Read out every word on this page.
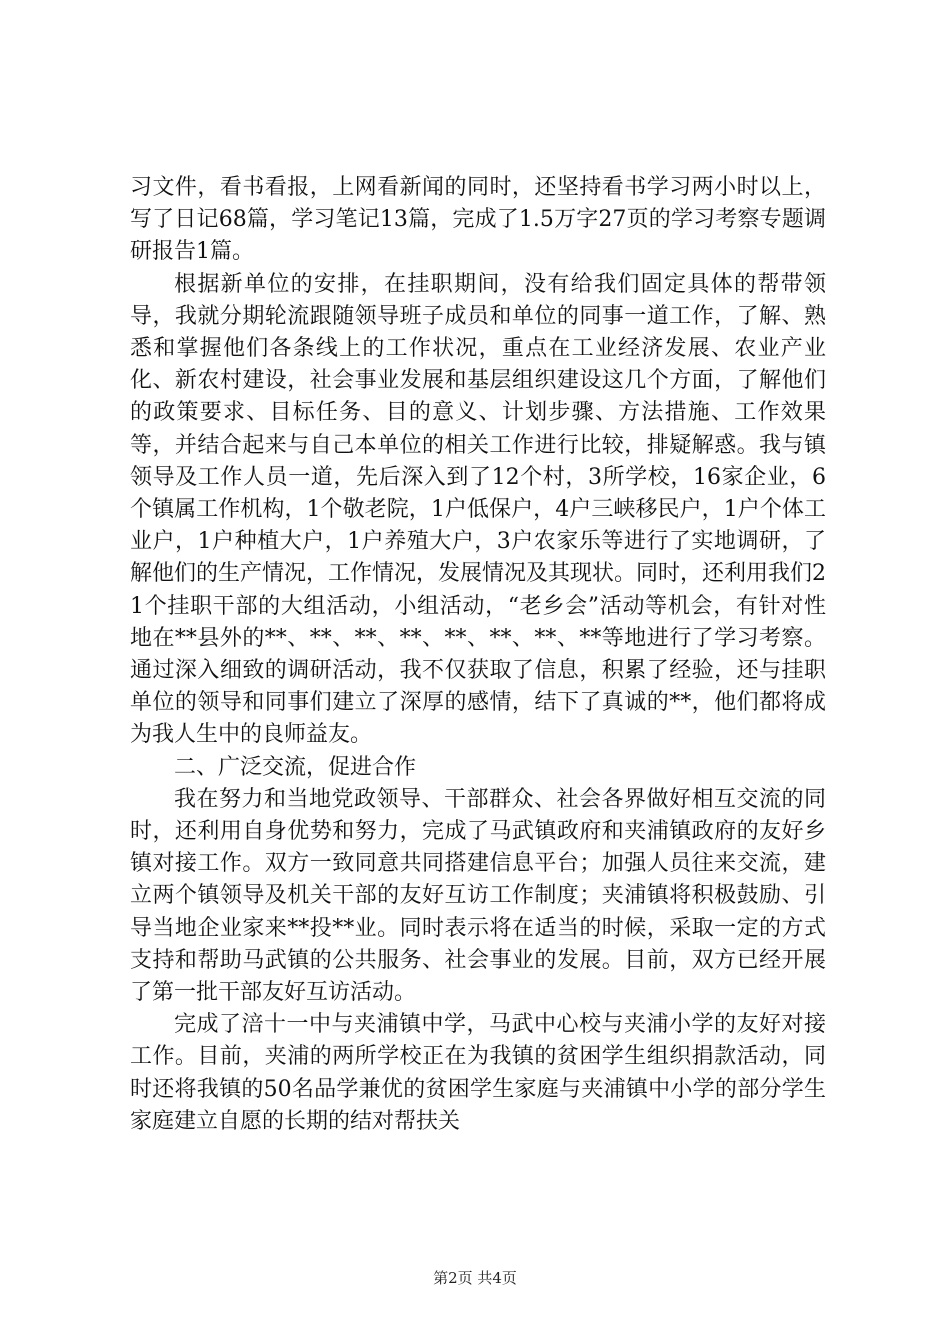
习文件，看书看报，上网看新闻的同时，还坚持看书学习两小时以上，写了日记68篇，学习笔记13篇，完成了1.5万字27页的学习考察专题调研报告1篇。

根据新单位的安排，在挂职期间，没有给我们固定具体的帮带领导，我就分期轮流跟随领导班子成员和单位的同事一道工作，了解、熟悉和掌握他们各条线上的工作状况，重点在工业经济发展、农业产业化、新农村建设，社会事业发展和基层组织建设这几个方面，了解他们的政策要求、目标任务、目的意义、计划步骤、方法措施、工作效果等，并结合起来与自己本单位的相关工作进行比较，排疑解惑。我与镇领导及工作人员一道，先后深入到了12个村，3所学校，16家企业，6个镇属工作机构，1个敬老院，1户低保户，4户三峡移民户，1户个体工业户，1户种植大户，1户养殖大户，3户农家乐等进行了实地调研，了解他们的生产情况，工作情况，发展情况及其现状。同时，还利用我们21个挂职干部的大组活动，小组活动，“老乡会”活动等机会，有针对性地在**县外的**、**、**、**、**、**、**、**等地进行了学习考察。通过深入细致的调研活动，我不仅获取了信息，积累了经验，还与挂职单位的领导和同事们建立了深厚的感情，结下了真诚的**，他们都将成为我人生中的良师益友。

二、广泛交流，促进合作

我在努力和当地党政领导、干部群众、社会各界做好相互交流的同时，还利用自身优势和努力，完成了马武镇政府和夹浦镇政府的友好乡镇对接工作。双方一致同意共同搭建信息平台；加强人员往来交流，建立两个镇领导及机关干部的友好互访工作制度；夹浦镇将积极鼓励、引导当地企业家来**投**业。同时表示将在适当的时候，采取一定的方式支持和帮助马武镇的公共服务、社会事业的发展。目前，双方已经开展了第一批干部友好互访活动。

完成了涪十一中与夹浦镇中学，马武中心校与夹浦小学的友好对接工作。目前，夹浦的两所学校正在为我镇的贫困学生组织捐款活动，同时还将我镇的50名品学兼优的贫困学生家庭与夹浦镇中小学的部分学生家庭建立自愿的长期的结对帮扶关

第2页 共4页
